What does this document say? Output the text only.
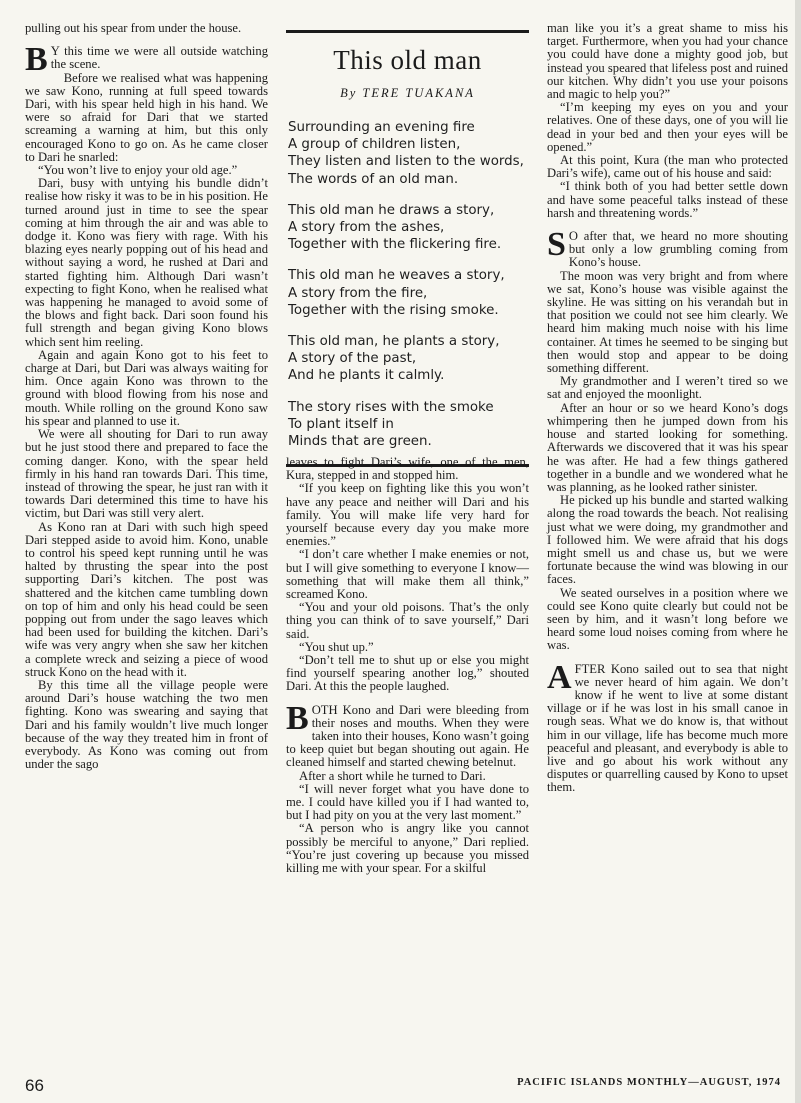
pulling out his spear from under the house.

B Y this time we were all outside watching the scene.

Before we realised what was happening we saw Kono, running at full speed towards Dari, with his spear held high in his hand. We were so afraid for Dari that we started screaming a warning at him, but this only encouraged Kono to go on. As he came closer to Dari he snarled:

“You won’t live to enjoy your old age.”

Dari, busy with untying his bundle didn’t realise how risky it was to be in his position. He turned around just in time to see the spear coming at him through the air and was able to dodge it. Kono was fiery with rage. With his blazing eyes nearly popping out of his head and without saying a word, he rushed at Dari and started fighting him. Although Dari wasn’t expecting to fight Kono, when he realised what was happening he managed to avoid some of the blows and fight back. Dari soon found his full strength and began giving Kono blows which sent him reeling.

Again and again Kono got to his feet to charge at Dari, but Dari was always waiting for him. Once again Kono was thrown to the ground with blood flowing from his nose and mouth. While rolling on the ground Kono saw his spear and planned to use it.

We were all shouting for Dari to run away but he just stood there and prepared to face the coming danger. Kono, with the spear held firmly in his hand ran towards Dari. This time, instead of throwing the spear, he just ran with it towards Dari determined this time to have his victim, but Dari was still very alert.

As Kono ran at Dari with such high speed Dari stepped aside to avoid him. Kono, unable to control his speed kept running until he was halted by thrusting the spear into the post supporting Dari’s kitchen. The post was shattered and the kitchen came tumbling down on top of him and only his head could be seen popping out from under the sago leaves which had been used for building the kitchen. Dari’s wife was very angry when she saw her kitchen a complete wreck and seizing a piece of wood struck Kono on the head with it.

By this time all the village people were around Dari’s house watching the two men fighting. Kono was swearing and saying that Dari and his family wouldn’t live much longer because of the way they treated him in front of everybody. As Kono was coming out from under the sago

This old man
By TERE TUAKANA
Surrounding an evening fire
A group of children listen,
They listen and listen to the words,
The words of an old man.
This old man he draws a story,
A story from the ashes,
Together with the flickering fire.
This old man he weaves a story,
A story from the fire,
Together with the rising smoke.
This old man, he plants a story,
A story of the past,
And he plants it calmly.
The story rises with the smoke
To plant itself in
Minds that are green.

leaves to fight Dari’s wife, one of the men, Kura, stepped in and stopped him.

“If you keep on fighting like this you won’t have any peace and neither will Dari and his family. You will make life very hard for yourself because every day you make more enemies.”

“I don’t care whether I make enemies or not, but I will give something to everyone I know—something that will make them all think,” screamed Kono.

“You and your old poisons. That’s the only thing you can think of to save yourself,” Dari said.

“You shut up.”

“Don’t tell me to shut up or else you might find yourself spearing another log,” shouted Dari. At this the people laughed.

BOTH Kono and Dari were bleeding from their noses and mouths. When they were taken into their houses, Kono wasn’t going to keep quiet but began shouting out again. He cleaned himself and started chewing betelnut.

After a short while he turned to Dari.

“I will never forget what you have done to me. I could have killed you if I had wanted to, but I had pity on you at the very last moment.”

“A person who is angry like you cannot possibly be merciful to anyone,” Dari replied. “You’re just covering up because you missed killing me with your spear. For a skilful

man like you it’s a great shame to miss his target. Furthermore, when you had your chance you could have done a mighty good job, but instead you speared that lifeless post and ruined our kitchen. Why didn’t you use your poisons and magic to help you?”

“I’m keeping my eyes on you and your relatives. One of these days, one of you will lie dead in your bed and then your eyes will be opened.”

At this point, Kura (the man who protected Dari’s wife), came out of his house and said:

“I think both of you had better settle down and have some peaceful talks instead of these harsh and threatening words.”

S O after that, we heard no more shouting but only a low grumbling coming from Kono’s house.

The moon was very bright and from where we sat, Kono’s house was visible against the skyline. He was sitting on his verandah but in that position we could not see him clearly. We heard him making much noise with his lime container. At times he seemed to be singing but then would stop and appear to be doing something different.

My grandmother and I weren’t tired so we sat and enjoyed the moonlight.

After an hour or so we heard Kono’s dogs whimpering then he jumped down from his house and started looking for something. Afterwards we discovered that it was his spear he was after. He had a few things gathered together in a bundle and we wondered what he was planning, as he looked rather sinister.

He picked up his bundle and started walking along the road towards the beach. Not realising just what we were doing, my grandmother and I followed him. We were afraid that his dogs might smell us and chase us, but we were fortunate because the wind was blowing in our faces.

We seated ourselves in a position where we could see Kono quite clearly but could not be seen by him, and it wasn’t long before we heard some loud noises coming from where he was.

AFTER Kono sailed out to sea that night we never heard of him again. We don’t know if he went to live at some distant village or if he was lost in his small canoe in rough seas. What we do know is, that without him in our village, life has become much more peaceful and pleasant, and everybody is able to live and go about his work without any disputes or quarrelling caused by Kono to upset them.

66	PACIFIC ISLANDS MONTHLY—AUGUST, 1974
